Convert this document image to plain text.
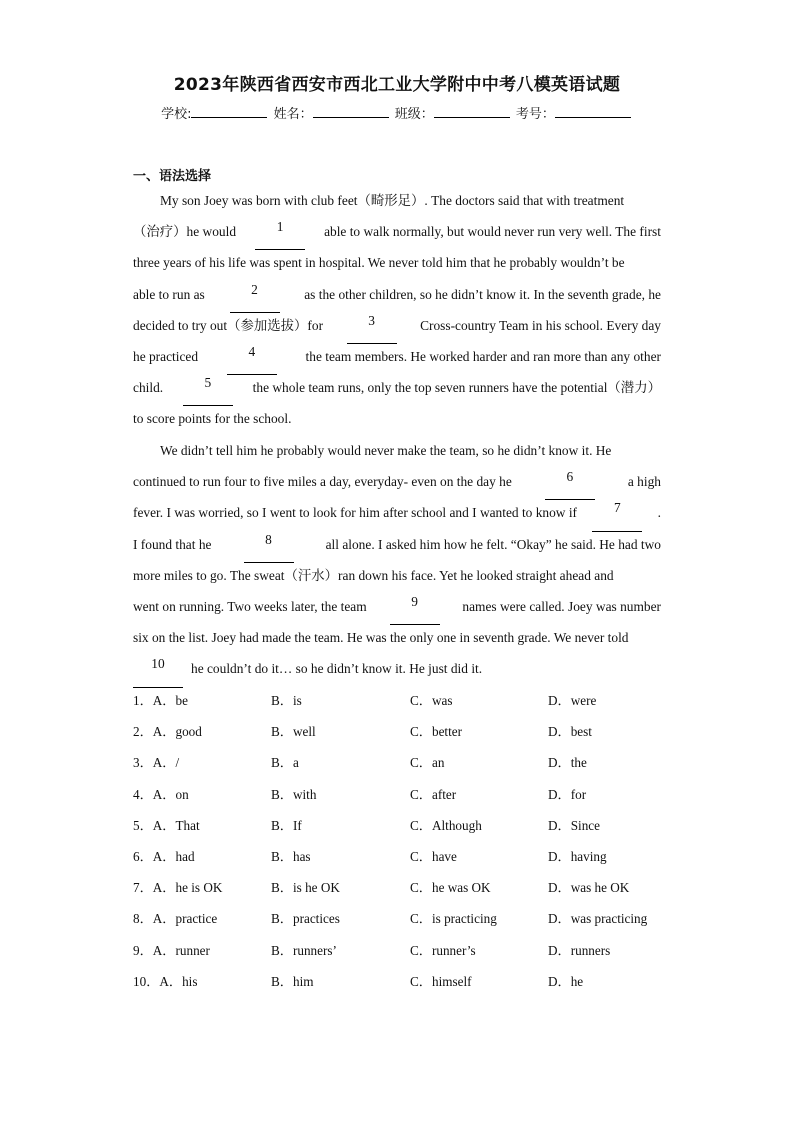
2023年陕西省西安市西北工业大学附中中考八模英语试题
学校:	姓名：	班级：	考号：
一、语法选择
My son Joey was born with club feet（畸形足）. The doctors said that with treatment
（治疗）he would	1	able to walk normally, but would never run very well. The first
three years of his life was spent in hospital. We never told him that he probably wouldn’t be
able to run as	2	as the other children, so he didn’t know it. In the seventh grade, he
decided to try out（参加选拔）for	3	Cross-country Team in his school. Every day
he practiced	4	the team members. He worked harder and ran more than any other
child.	5	the whole team runs, only the top seven runners have the potential（潜力）
to score points for the school.
We didn’t tell him he probably would never make the team, so he didn’t know it. He
continued to run four to five miles a day, everyday- even on the day he	6	a high
fever. I was worried, so I went to look for him after school and I wanted to know if	7	.
I found that he	8	all alone. I asked him how he felt. “Okay” he said. He had two
more miles to go. The sweat（汗水）ran down his face. Yet he looked straight ahead and
went on running. Two weeks later, the team	9	names were called. Joey was number
six on the list. Joey had made the team. He was the only one in seventh grade. We never told
10	he couldn’t do it… so he didn’t know it. He just did it.
1．A．be	B．is	C．was	D．were
2．A．good	B．well	C．better	D．best
3．A．/	B．a	C．an	D．the
4．A．on	B．with	C．after	D．for
5．A．That	B．If	C．Although	D．Since
6．A．had	B．has	C．have	D．having
7．A．he is OK	B．is he OK	C．he was OK	D．was he OK
8．A．practice	B．practices	C．is practicing	D．was practicing
9．A．runner	B．runners’	C．runner’s	D．runners
10．A．his	B．him	C．himself	D．he
